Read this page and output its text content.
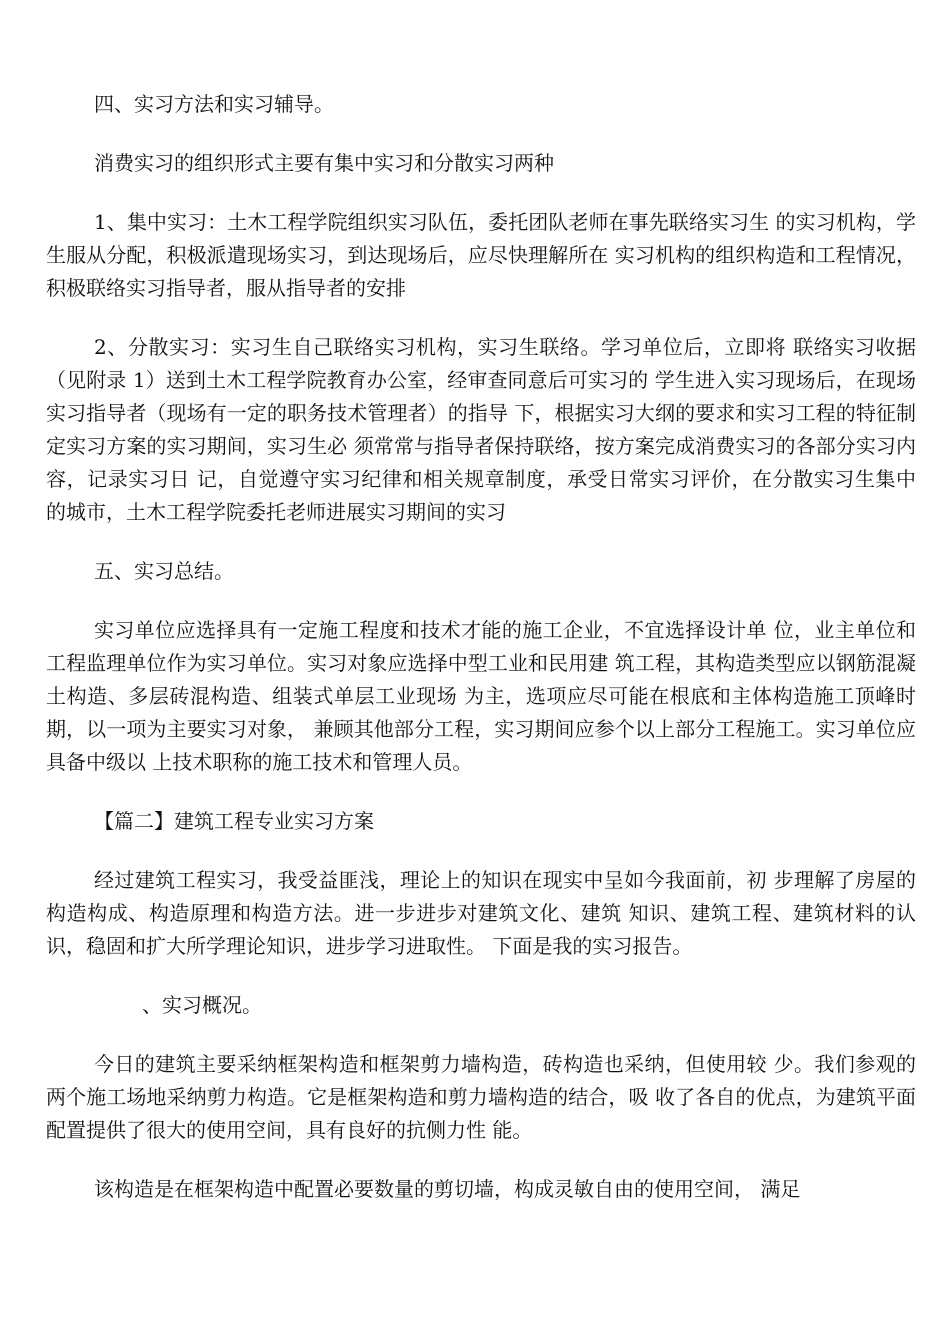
四、实习方法和实习辅导。

消费实习的组织形式主要有集中实习和分散实习两种

1、集中实习：土木工程学院组织实习队伍，委托团队老师在事先联络实习生 的实习机构，学生服从分配，积极派遣现场实习，到达现场后，应尽快理解所在 实习机构的组织构造和工程情况，积极联络实习指导者，服从指导者的安排

2、分散实习：实习生自己联络实习机构，实习生联络。学习单位后，立即将 联络实习收据（见附录 1）送到土木工程学院教育办公室，经审查同意后可实习的 学生进入实习现场后，在现场实习指导者（现场有一定的职务技术管理者）的指导 下，根据实习大纲的要求和实习工程的特征制定实习方案的实习期间，实习生必 须常常与指导者保持联络，按方案完成消费实习的各部分实习内容，记录实习日 记，自觉遵守实习纪律和相关规章制度，承受日常实习评价，在分散实习生集中 的城市，土木工程学院委托老师进展实习期间的实习

五、实习总结。

实习单位应选择具有一定施工程度和技术才能的施工企业，不宜选择设计单 位，业主单位和工程监理单位作为实习单位。实习对象应选择中型工业和民用建 筑工程，其构造类型应以钢筋混凝土构造、多层砖混构造、组装式单层工业现场 为主，选项应尽可能在根底和主体构造施工顶峰时期，以一项为主要实习对象， 兼顾其他部分工程，实习期间应参个以上部分工程施工。实习单位应具备中级以 上技术职称的施工技术和管理人员。

【篇二】建筑工程专业实习方案

经过建筑工程实习，我受益匪浅，理论上的知识在现实中呈如今我面前，初 步理解了房屋的构造构成、构造原理和构造方法。进一步进步对建筑文化、建筑 知识、建筑工程、建筑材料的认识，稳固和扩大所学理论知识，进步学习进取性。 下面是我的实习报告。

、实习概况。

今日的建筑主要采纳框架构造和框架剪力墙构造，砖构造也采纳，但使用较 少。我们参观的两个施工场地采纳剪力构造。它是框架构造和剪力墙构造的结合，吸 收了各自的优点，为建筑平面配置提供了很大的使用空间，具有良好的抗侧力性 能。

该构造是在框架构造中配置必要数量的剪切墙，构成灵敏自由的使用空间， 满足
